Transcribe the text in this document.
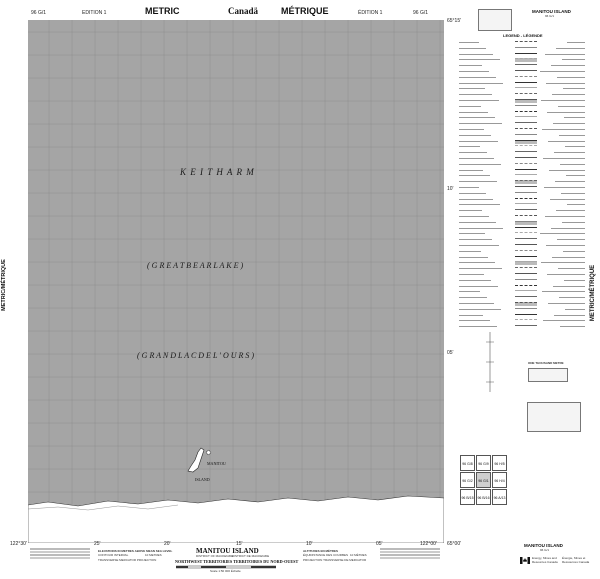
96 G/1	EDITION 1	METRIC	Canadä	MÉTRIQUE	ÉDITION 1	96 G/1
METRIC/MÉTRIQUE	METRIC/MÉTRIQUE
K E I T H A R M
( G R E A T B E A R L A K E )
( G R A N D L A C D E L ' O U R S )
MANITOU
ISLAND
65°15'
10'
05'
122°30'	25'	20'	15'	10'	05'	122°00' 65°00'
ELEVATIONS IN METRES ABOVE MEAN SEA LEVEL
CONTOUR INTERVAL	10 METRES
TRANSVERSE MERCATOR PROJECTION
MANITOU ISLAND
DISTRICT OF MACKENZIE
DISTRICT DE MACKENZIE
NORTHWEST TERRITORIES TERRITOIRES DU NORD-OUEST
Scale 1:50 000 Échelle
ALTITUDES EN MÈTRES
ÉQUIDISTANCE DES COURBES 10 MÈTRES
PROJECTION TRANSVERSE DE MERCATOR
MANITOU ISLAND
96 G/1
LEGEND - LÉGENDE
ONE THOUSAND METRE
96 G/8	96 G/9	96 H/5
96 G/2	96 G/1	96 H/4
96 B/15	96 B/16	96 A/13
MANITOU ISLAND
96 G/1
Energy, Mines and Resources Canada
Énergie, Mines et Ressources Canada
